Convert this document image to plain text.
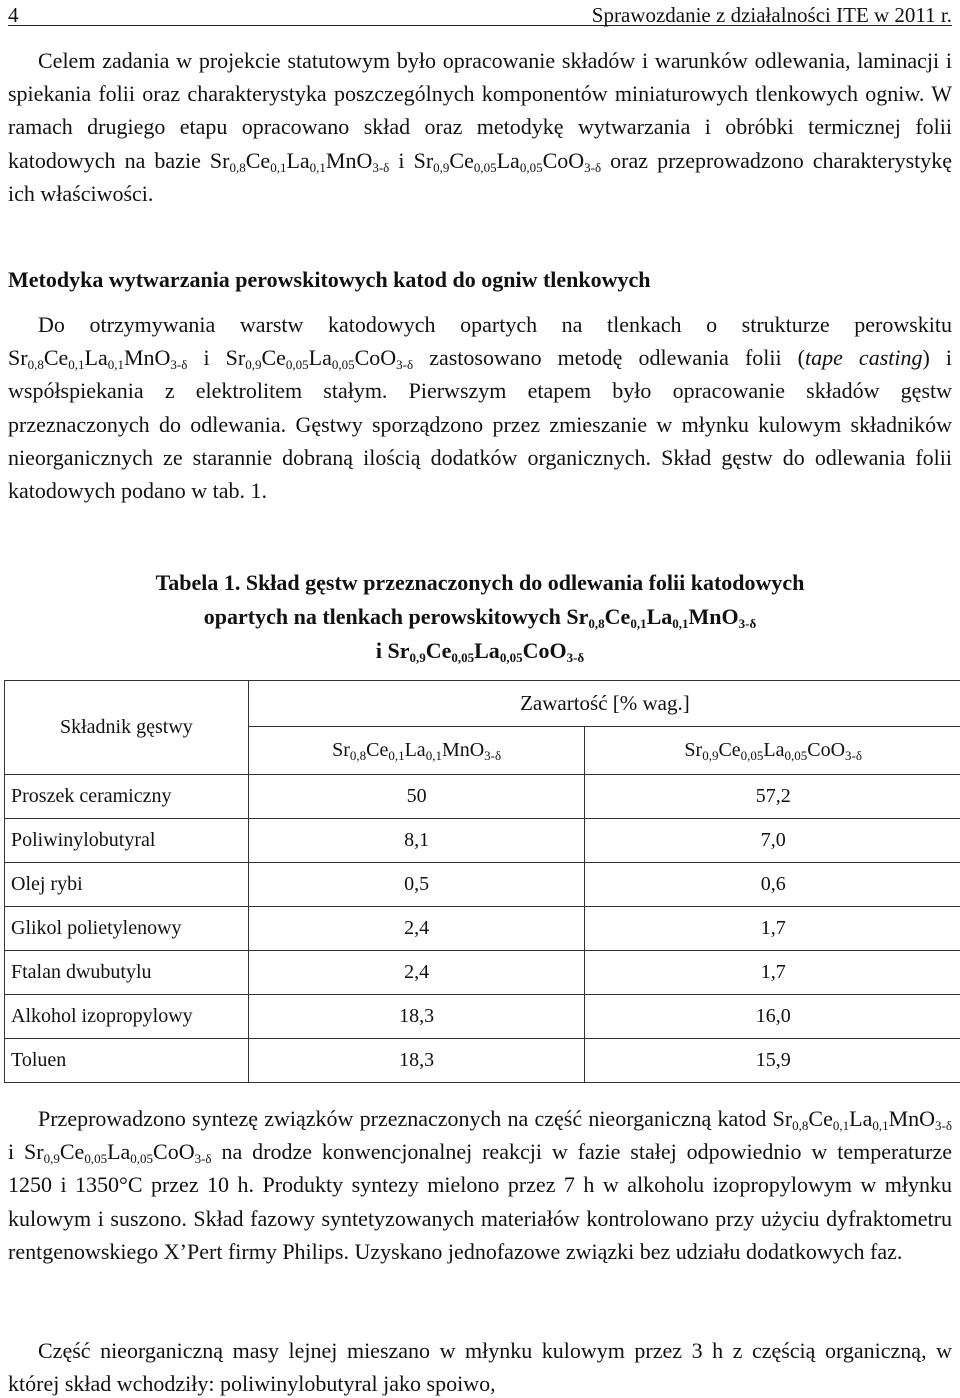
4	Sprawozdanie z działalności ITE w 2011 r.

Celem zadania w projekcie statutowym było opracowanie składów i warunków odlewania, laminacji i spiekania folii oraz charakterystyka poszczególnych komponentów miniaturowych tlenkowych ogniw. W ramach drugiego etapu opracowano skład oraz metodykę wytwarzania i obróbki termicznej folii katodowych na bazie $Sr_{0,8}Ce_{0,1}La_{0,1}MnO_{3-\delta}$ i $Sr_{0,9}Ce_{0,05}La_{0,05}CoO_{3-\delta}$ oraz przeprowadzono charakterystykę ich właściwości.

Metodyka wytwarzania perowskitowych katod do ogniw tlenkowych

Do otrzymywania warstw katodowych opartych na tlenkach o strukturze perowskitu $Sr_{0,8}Ce_{0,1}La_{0,1}MnO_{3-\delta}$ i $Sr_{0,9}Ce_{0,05}La_{0,05}CoO_{3-\delta}$ zastosowano metodę odlewania folii (tape casting) i współspiekania z elektrolitem stałym. Pierwszym etapem było opracowanie składów gęstw przeznaczonych do odlewania. Gęstwy sporządzono przez zmieszanie w młynku kulowym składników nieorganicznych ze starannie dobraną ilością dodatków organicznych. Skład gęstw do odlewania folii katodowych podano w tab. 1.

Tabela 1. Skład gęstw przeznaczonych do odlewania folii katodowych
opartych na tlenkach perowskitowych $Sr_{0,8}Ce_{0,1}La_{0,1}MnO_{3-\delta}$
i $Sr_{0,9}Ce_{0,05}La_{0,05}CoO_{3-\delta}$
Składnik gęstwy	Zawartość [% wag.]	
	$Sr_{0,8}Ce_{0,1}La_{0,1}MnO_{3-\delta}$	$Sr_{0,9}Ce_{0,05}La_{0,05}CoO_{3-\delta}$
Proszek ceramiczny	50	57,2
Poliwinylobutyral	8,1	7,0
Olej rybi	0,5	0,6
Glikol polietylenowy	2,4	1,7
Ftalan dwubutylu	2,4	1,7
Alkohol izopropylowy	18,3	16,0
Toluen	18,3	15,9

Przeprowadzono syntezę związków przeznaczonych na część nieorganiczną katod $Sr_{0,8}Ce_{0,1}La_{0,1}MnO_{3-\delta}$ i $Sr_{0,9}Ce_{0,05}La_{0,05}CoO_{3-\delta}$ na drodze konwencjonalnej reakcji w fazie stałej odpowiednio w temperaturze 1250 i 1350°C przez 10 h. Produkty syntezy mielono przez 7 h w alkoholu izopropylowym w młynku kulowym i suszono. Skład fazowy syntetyzowanych materiałów kontrolowano przy użyciu dyfraktometru rentgenowskiego X’Pert firmy Philips. Uzyskano jednofazowe związki bez udziału dodatkowych faz.

Część nieorganiczną masy lejnej mieszano w młynku kulowym przez 3 h z częścią organiczną, w której skład wchodziły: poliwinylobutyral jako spoiwo,
